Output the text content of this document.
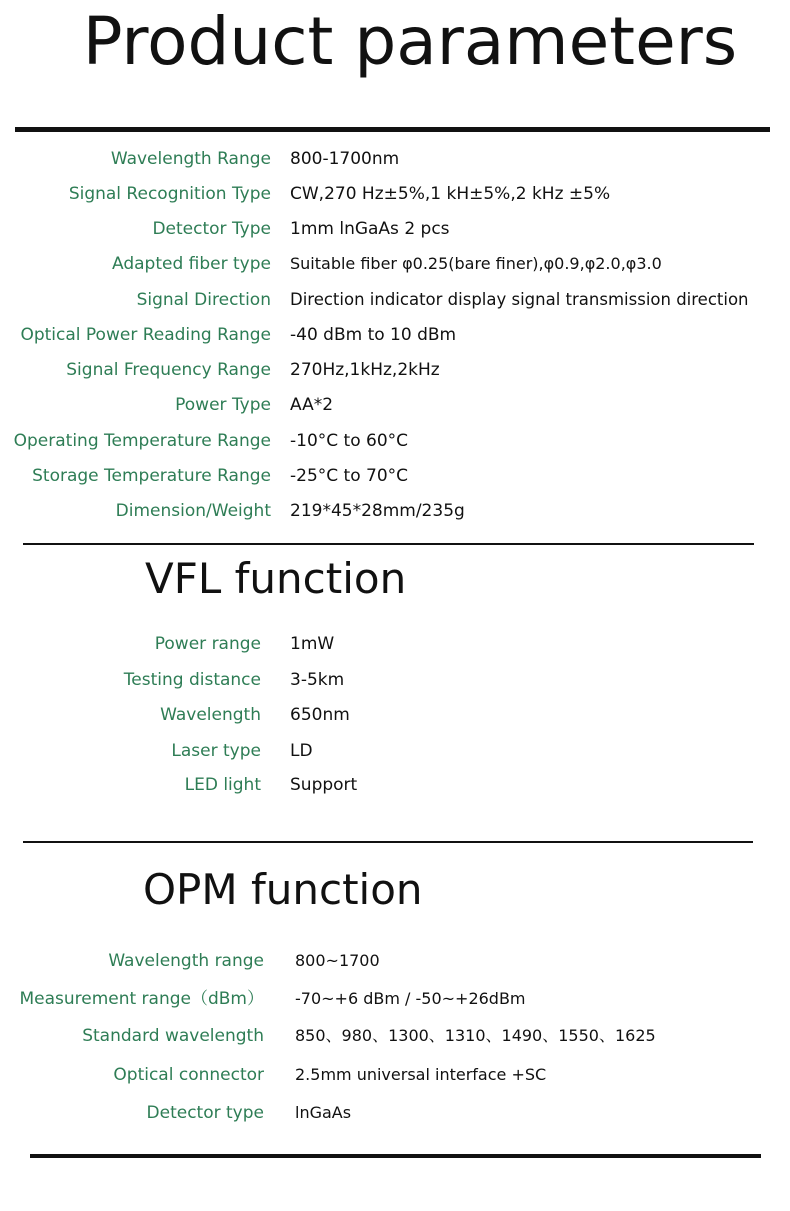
Product parameters
Wavelength Range 800-1700nm
Signal Recognition Type CW,270 Hz±5%,1 kH±5%,2 kHz ±5%
Detector Type 1mm lnGaAs 2 pcs
Adapted fiber type Suitable fiber φ0.25(bare finer),φ0.9,φ2.0,φ3.0
Signal Direction Direction indicator display signal transmission direction
Optical Power Reading Range -40 dBm to 10 dBm
Signal Frequency Range 270Hz,1kHz,2kHz
Power Type AA*2
Operating Temperature Range -10°C to 60°C
Storage Temperature Range -25°C to 70°C
Dimension/Weight 219*45*28mm/235g
VFL function
Power range 1mW
Testing distance 3-5km
Wavelength 650nm
Laser type LD
LED light Support
OPM function
Wavelength range 800~1700
Measurement range（dBm） -70~+6 dBm / -50~+26dBm
Standard wavelength 850、980、1300、1310、1490、1550、1625
Optical connector 2.5mm universal interface +SC
Detector type lnGaAs
